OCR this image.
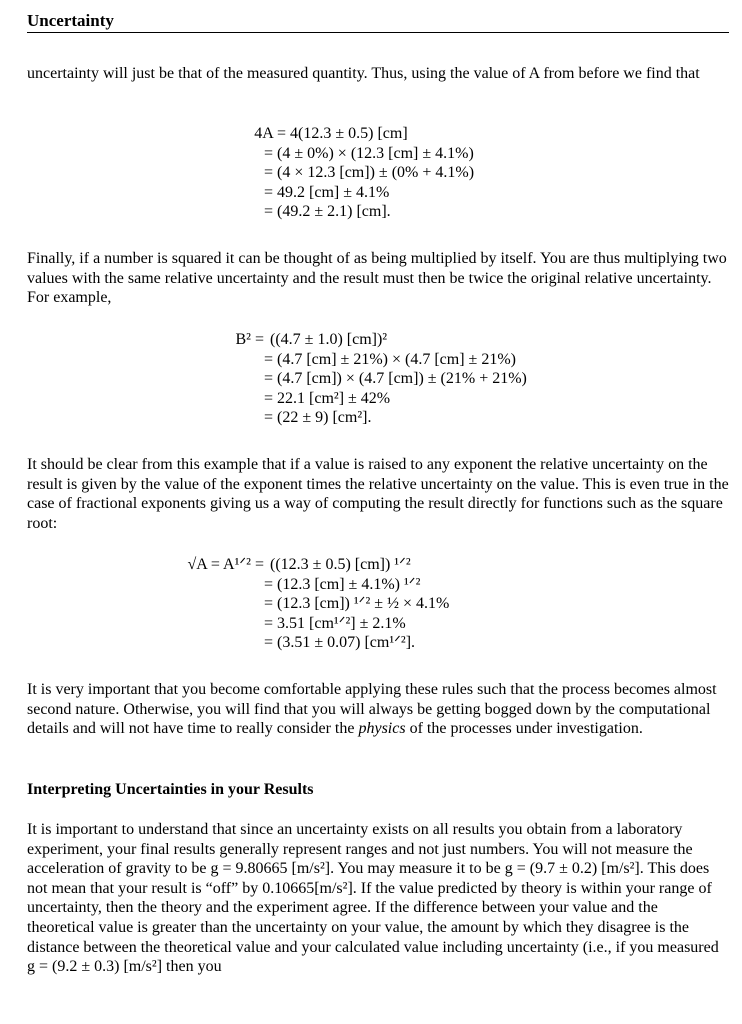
Uncertainty

uncertainty will just be that of the measured quantity. Thus, using the value of A from before we find that

4A = 4(12.3 ± 0.5) [cm]
= (4 ± 0%) × (12.3 [cm] ± 4.1%)
= (4 × 12.3 [cm]) ± (0% + 4.1%)
= 49.2 [cm] ± 4.1%
= (49.2 ± 2.1) [cm].

Finally, if a number is squared it can be thought of as being multiplied by itself. You are thus multiplying two values with the same relative uncertainty and the result must then be twice the original relative uncertainty. For example,

B² = ((4.7 ± 1.0) [cm])²
= (4.7 [cm] ± 21%) × (4.7 [cm] ± 21%)
= (4.7 [cm]) × (4.7 [cm]) ± (21% + 21%)
= 22.1 [cm²] ± 42%
= (22 ± 9) [cm²].

It should be clear from this example that if a value is raised to any exponent the relative uncertainty on the result is given by the value of the exponent times the relative uncertainty on the value. This is even true in the case of fractional exponents giving us a way of computing the result directly for functions such as the square root:

√A = A¹ᐟ² = ((12.3 ± 0.5) [cm]) ¹ᐟ²
= (12.3 [cm] ± 4.1%) ¹ᐟ²
= (12.3 [cm]) ¹ᐟ² ± ½ × 4.1%
= 3.51 [cm¹ᐟ²] ± 2.1%
= (3.51 ± 0.07) [cm¹ᐟ²].

It is very important that you become comfortable applying these rules such that the process becomes almost second nature. Otherwise, you will find that you will always be getting bogged down by the computational details and will not have time to really consider the physics of the processes under investigation.

Interpreting Uncertainties in your Results

It is important to understand that since an uncertainty exists on all results you obtain from a laboratory experiment, your final results generally represent ranges and not just numbers. You will not measure the acceleration of gravity to be g = 9.80665 [m/s²]. You may measure it to be g = (9.7 ± 0.2) [m/s²]. This does not mean that your result is “off” by 0.10665[m/s²]. If the value predicted by theory is within your range of uncertainty, then the theory and the experiment agree. If the difference between your value and the theoretical value is greater than the uncertainty on your value, the amount by which they disagree is the distance between the theoretical value and your calculated value including uncertainty (i.e., if you measured g = (9.2 ± 0.3) [m/s²] then you
